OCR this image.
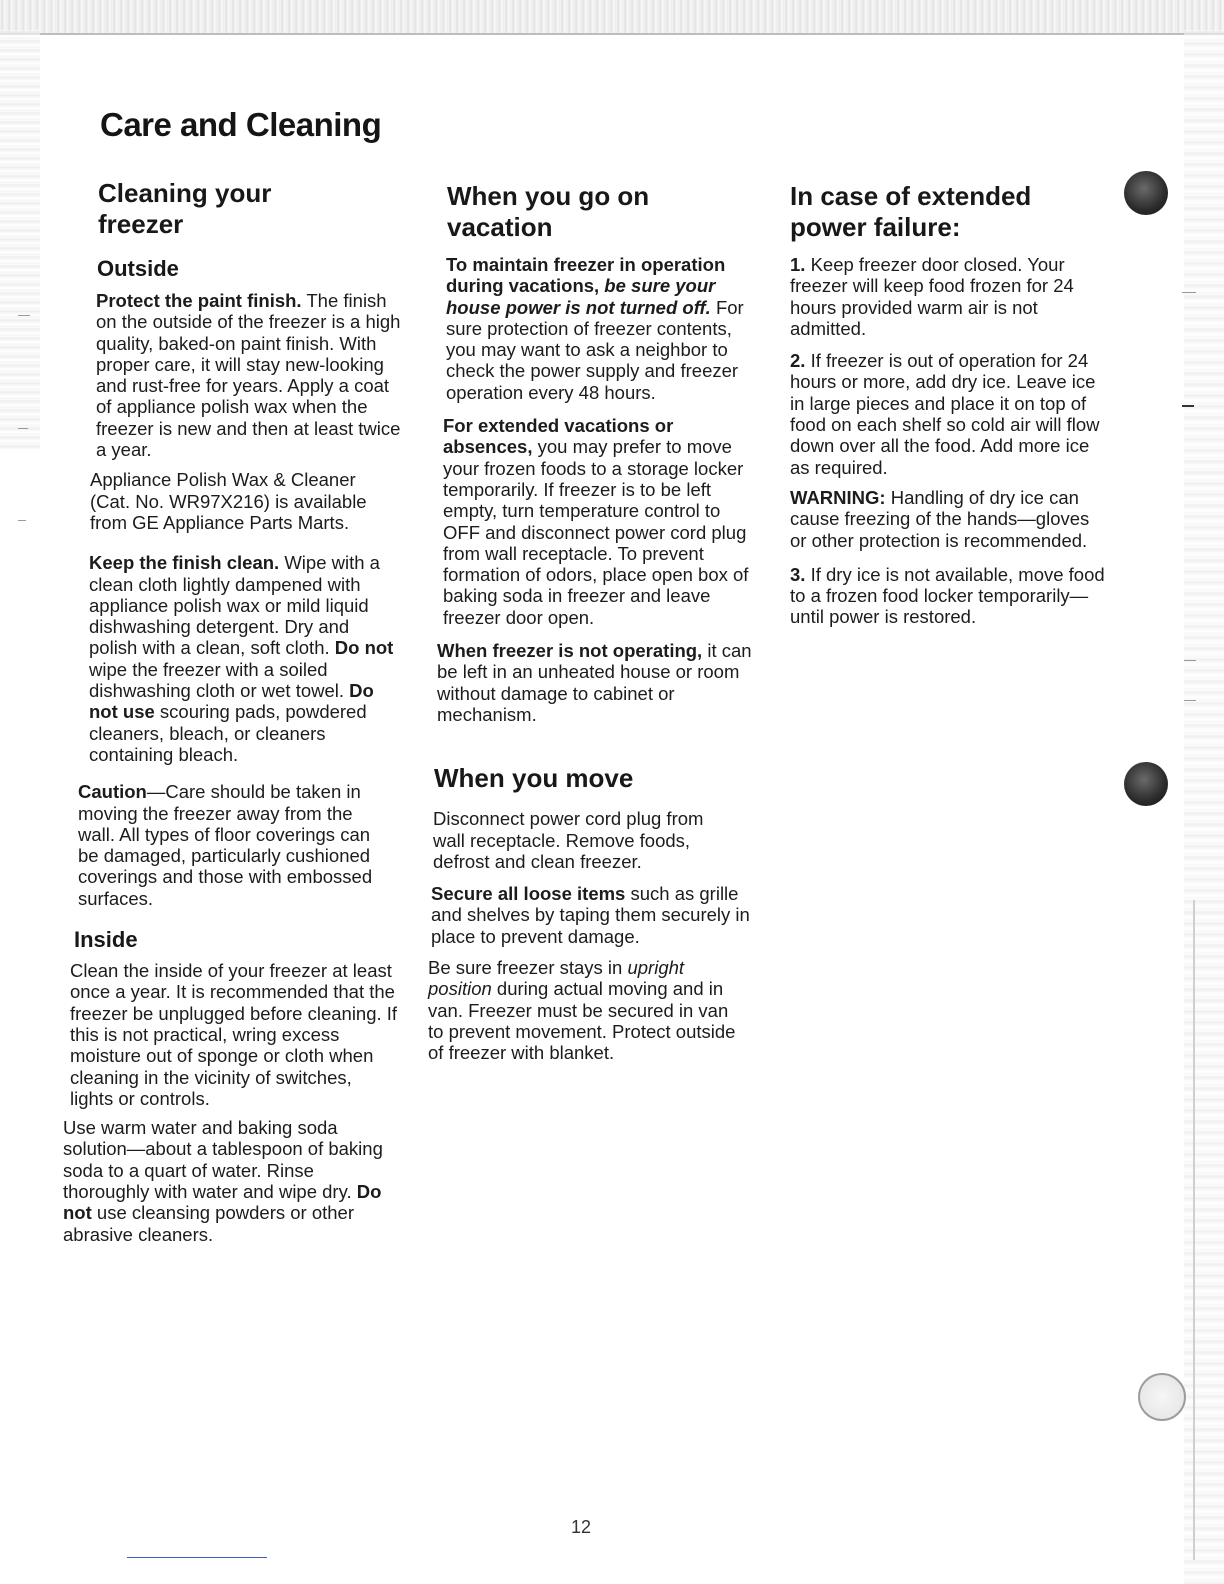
Care and Cleaning
Cleaning your freezer
Outside

Protect the paint finish. The finish on the outside of the freezer is a high quality, baked-on paint finish. With proper care, it will stay new-looking and rust-free for years. Apply a coat of appliance polish wax when the freezer is new and then at least twice a year.

Appliance Polish Wax & Cleaner (Cat. No. WR97X216) is available from GE Appliance Parts Marts.

Keep the finish clean. Wipe with a clean cloth lightly dampened with appliance polish wax or mild liquid dishwashing detergent. Dry and polish with a clean, soft cloth. Do not wipe the freezer with a soiled dishwashing cloth or wet towel. Do not use scouring pads, powdered cleaners, bleach, or cleaners containing bleach.

Caution—Care should be taken in moving the freezer away from the wall. All types of floor coverings can be damaged, particularly cushioned coverings and those with embossed surfaces.

Inside

Clean the inside of your freezer at least once a year. It is recommended that the freezer be unplugged before cleaning. If this is not practical, wring excess moisture out of sponge or cloth when cleaning in the vicinity of switches, lights or controls.

Use warm water and baking soda solution—about a tablespoon of baking soda to a quart of water. Rinse thoroughly with water and wipe dry. Do not use cleansing powders or other abrasive cleaners.

When you go on vacation

To maintain freezer in operation during vacations, be sure your house power is not turned off. For sure protection of freezer contents, you may want to ask a neighbor to check the power supply and freezer operation every 48 hours.

For extended vacations or absences, you may prefer to move your frozen foods to a storage locker temporarily. If freezer is to be left empty, turn temperature control to OFF and disconnect power cord plug from wall receptacle. To prevent formation of odors, place open box of baking soda in freezer and leave freezer door open.

When freezer is not operating, it can be left in an unheated house or room without damage to cabinet or mechanism.

When you move

Disconnect power cord plug from wall receptacle. Remove foods, defrost and clean freezer.

Secure all loose items such as grille and shelves by taping them securely in place to prevent damage.

Be sure freezer stays in upright position during actual moving and in van. Freezer must be secured in van to prevent movement. Protect outside of freezer with blanket.

In case of extended power failure:

1. Keep freezer door closed. Your freezer will keep food frozen for 24 hours provided warm air is not admitted.

2. If freezer is out of operation for 24 hours or more, add dry ice. Leave ice in large pieces and place it on top of food on each shelf so cold air will flow down over all the food. Add more ice as required.

WARNING: Handling of dry ice can cause freezing of the hands—gloves or other protection is recommended.

3. If dry ice is not available, move food to a frozen food locker temporarily—until power is restored.

12
